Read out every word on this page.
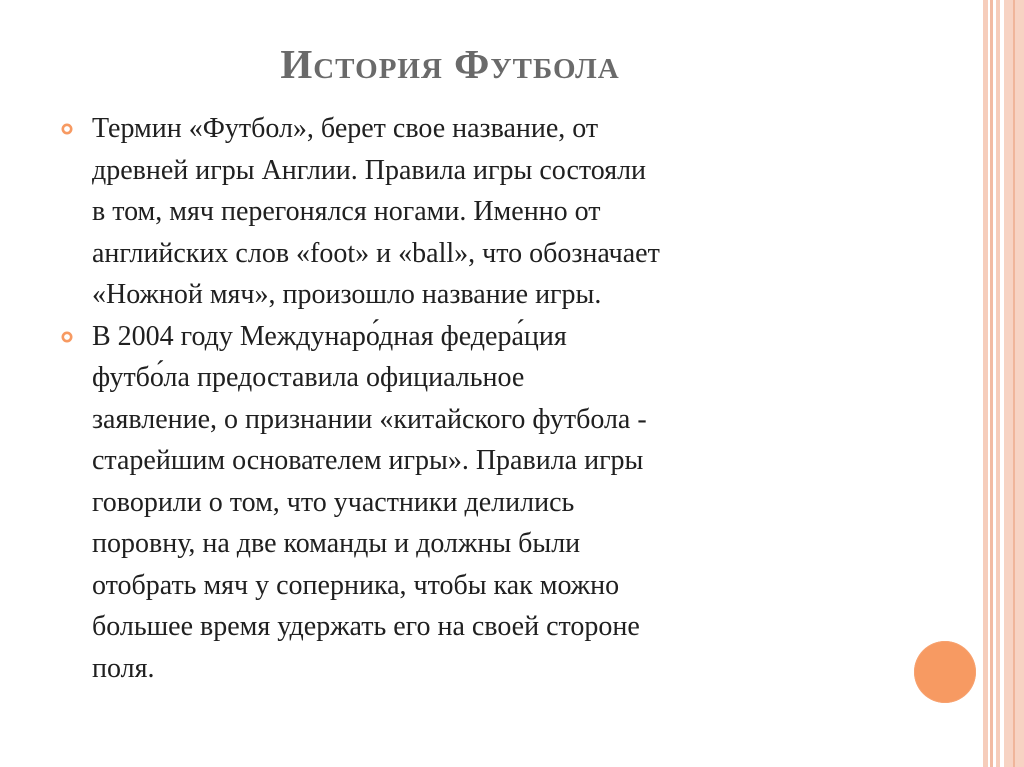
История Футбола
Термин «Футбол», берет свое название, от
древней игры Англии. Правила игры состояли
в том, мяч перегонялся ногами. Именно от
английских слов «foot» и «ball», что обозначает
«Ножной мяч», произошло название игры.
В 2004 году Междунаро́дная федера́ция
футбо́ла предоставила официальное
заявление, о признании «китайского футбола -
старейшим основателем игры». Правила игры
говорили о том, что участники делились
поровну, на две команды и должны были
отобрать мяч у соперника, чтобы как можно
большее время удержать его на своей стороне
поля.
